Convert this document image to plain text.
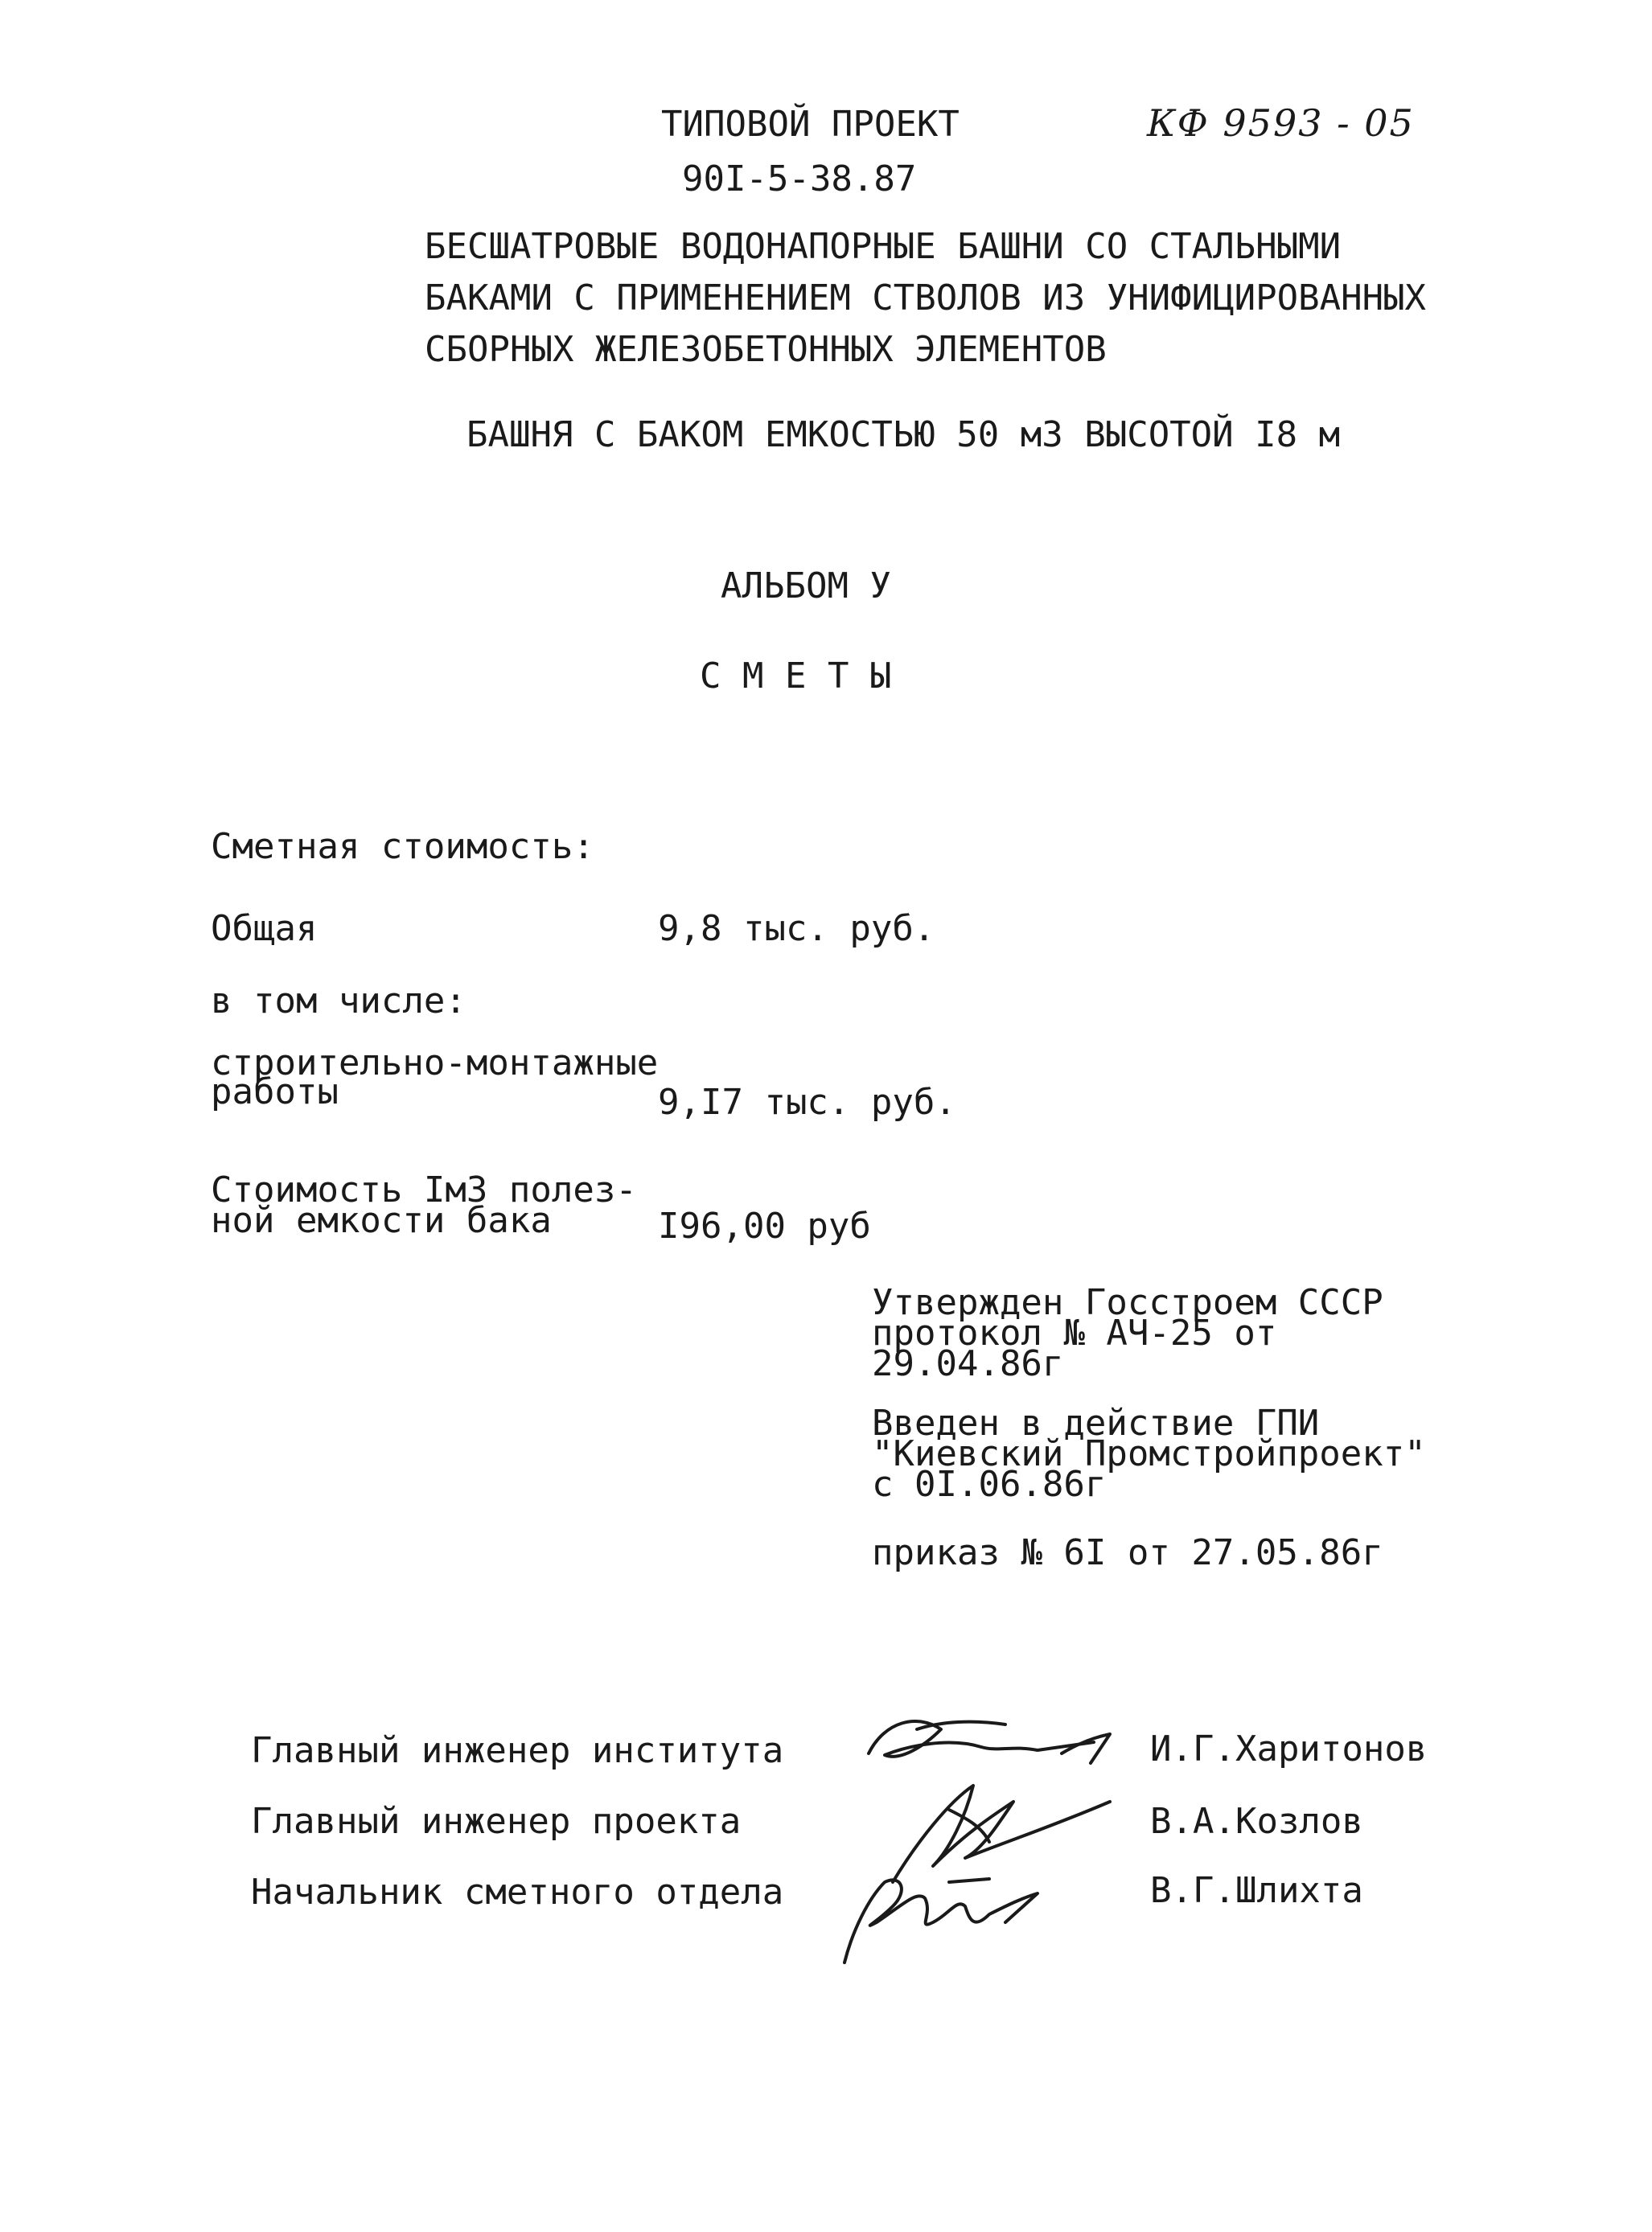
ТИПОВОЙ ПРОЕКТ	КФ 9593 - 05
90I-5-38.87
БЕСШАТРОВЫЕ ВОДОНАПОРНЫЕ БАШНИ СО СТАЛЬНЫМИ
БАКАМИ С ПРИМЕНЕНИЕМ СТВОЛОВ ИЗ УНИФИЦИРОВАННЫХ
СБОРНЫХ ЖЕЛЕЗОБЕТОННЫХ ЭЛЕМЕНТОВ
БАШНЯ С БАКОМ ЕМКОСТЬЮ 50 мЗ ВЫСОТОЙ I8 м
АЛЬБОМ У
С М Е Т Ы
Сметная стоимость:
Общая	9,8 тыс. руб.
в том числе:
строительно-монтажные
работы	9,I7 тыс. руб.
Стоимость IмЗ полез-
ной емкости бака	I96,00 руб
Утвержден Госстроем СССР
протокол № АЧ-25 от
29.04.86г
Введен в действие ГПИ
"Киевский Промстройпроект"
с 0I.06.86г
приказ № 6I от 27.05.86г
Главный инженер института	И.Г.Харитонов
Главный инженер проекта	В.А.Козлов
Начальник сметного отдела	В.Г.Шлихта
